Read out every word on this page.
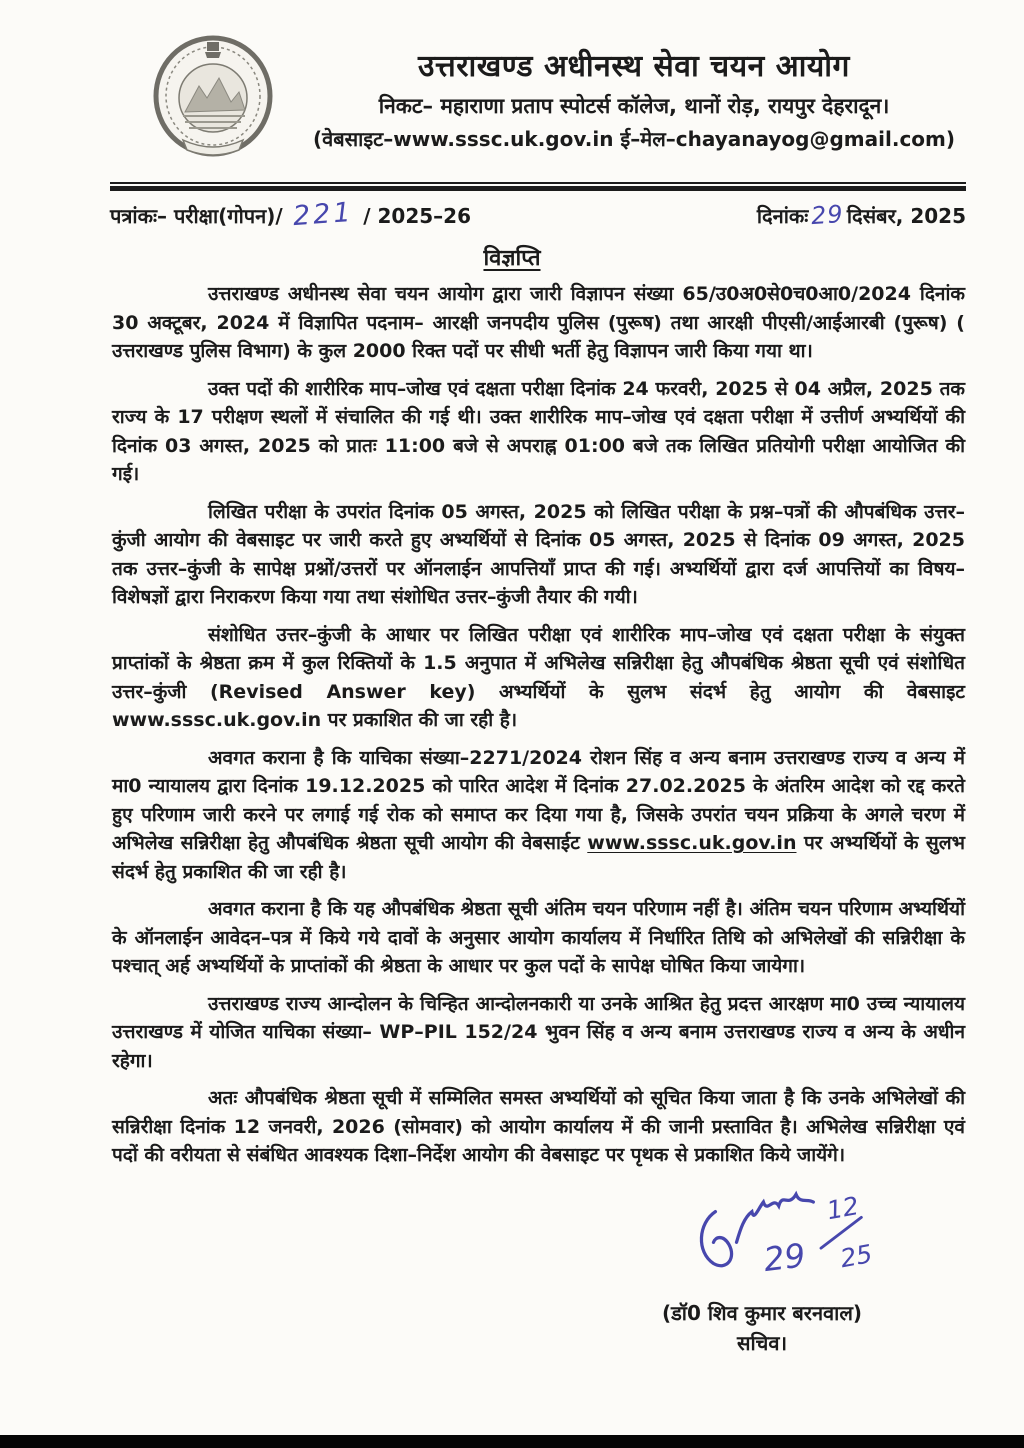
उत्तराखण्ड अधीनस्थ सेवा चयन आयोग
निकट– महाराणा प्रताप स्पोटर्स कॉलेज, थानों रोड़, रायपुर देहरादून।
(वेबसाइट–www.sssc.uk.gov.in ई–मेल–chayanayog@gmail.com)
पत्रांकः– परीक्षा(गोपन)/ 221 / 2025–26	दिनांकः29 दिसंबर, 2025
विज्ञप्ति

उत्तराखण्ड अधीनस्थ सेवा चयन आयोग द्वारा जारी विज्ञापन संख्या 65/उ0अ0से0च0आ0/2024 दिनांक 30 अक्टूबर, 2024 में विज्ञापित पदनाम– आरक्षी जनपदीय पुलिस (पुरूष) तथा आरक्षी पीएसी/आईआरबी (पुरूष) ( उत्तराखण्ड पुलिस विभाग) के कुल 2000 रिक्त पदों पर सीधी भर्ती हेतु विज्ञापन जारी किया गया था।

उक्त पदों की शारीरिक माप–जोख एवं दक्षता परीक्षा दिनांक 24 फरवरी, 2025 से 04 अप्रैल, 2025 तक राज्य के 17 परीक्षण स्थलों में संचालित की गई थी। उक्त शारीरिक माप–जोख एवं दक्षता परीक्षा में उत्तीर्ण अभ्यर्थियों की दिनांक 03 अगस्त, 2025 को प्रातः 11:00 बजे से अपराह्न 01:00 बजे तक लिखित प्रतियोगी परीक्षा आयोजित की गई।

लिखित परीक्षा के उपरांत दिनांक 05 अगस्त, 2025 को लिखित परीक्षा के प्रश्न–पत्रों की औपबंधिक उत्तर–कुंजी आयोग की वेबसाइट पर जारी करते हुए अभ्यर्थियों से दिनांक 05 अगस्त, 2025 से दिनांक 09 अगस्त, 2025 तक उत्तर–कुंजी के सापेक्ष प्रश्नों/उत्तरों पर ऑनलाईन आपत्तियाँ प्राप्त की गई। अभ्यर्थियों द्वारा दर्ज आपत्तियों का विषय–विशेषज्ञों द्वारा निराकरण किया गया तथा संशोधित उत्तर–कुंजी तैयार की गयी।

संशोधित उत्तर–कुंजी के आधार पर लिखित परीक्षा एवं शारीरिक माप–जोख एवं दक्षता परीक्षा के संयुक्त प्राप्तांकों के श्रेष्ठता क्रम में कुल रिक्तियों के 1.5 अनुपात में अभिलेख सन्निरीक्षा हेतु औपबंधिक श्रेष्ठता सूची एवं संशोधित उत्तर–कुंजी (Revised Answer key) अभ्यर्थियों के सुलभ संदर्भ हेतु आयोग की वेबसाइट www.sssc.uk.gov.in पर प्रकाशित की जा रही है।

अवगत कराना है कि याचिका संख्या–2271/2024 रोशन सिंह व अन्य बनाम उत्तराखण्ड राज्य व अन्य में मा0 न्यायालय द्वारा दिनांक 19.12.2025 को पारित आदेश में दिनांक 27.02.2025 के अंतरिम आदेश को रद्द करते हुए परिणाम जारी करने पर लगाई गई रोक को समाप्त कर दिया गया है, जिसके उपरांत चयन प्रक्रिया के अगले चरण में अभिलेख सन्निरीक्षा हेतु औपबंधिक श्रेष्ठता सूची आयोग की वेबसाईट www.sssc.uk.gov.in पर अभ्यर्थियों के सुलभ संदर्भ हेतु प्रकाशित की जा रही है।

अवगत कराना है कि यह औपबंधिक श्रेष्ठता सूची अंतिम चयन परिणाम नहीं है। अंतिम चयन परिणाम अभ्यर्थियों के ऑनलाईन आवेदन–पत्र में किये गये दावों के अनुसार आयोग कार्यालय में निर्धारित तिथि को अभिलेखों की सन्निरीक्षा के पश्चात् अर्ह अभ्यर्थियों के प्राप्तांकों की श्रेष्ठता के आधार पर कुल पदों के सापेक्ष घोषित किया जायेगा।

उत्तराखण्ड राज्य आन्दोलन के चिन्हित आन्दोलनकारी या उनके आश्रित हेतु प्रदत्त आरक्षण मा0 उच्च न्यायालय उत्तराखण्ड में योजित याचिका संख्या– WP–PIL 152/24 भुवन सिंह व अन्य बनाम उत्तराखण्ड राज्य व अन्य के अधीन रहेगा।

अतः औपबंधिक श्रेष्ठता सूची में सम्मिलित समस्त अभ्यर्थियों को सूचित किया जाता है कि उनके अभिलेखों की सन्निरीक्षा दिनांक 12 जनवरी, 2026 (सोमवार) को आयोग कार्यालय में की जानी प्रस्तावित है। अभिलेख सन्निरीक्षा एवं पदों की वरीयता से संबंधित आवश्यक दिशा–निर्देश आयोग की वेबसाइट पर पृथक से प्रकाशित किये जायेंगे।

29
12
25
(डॉ0 शिव कुमार बरनवाल)
सचिव।
